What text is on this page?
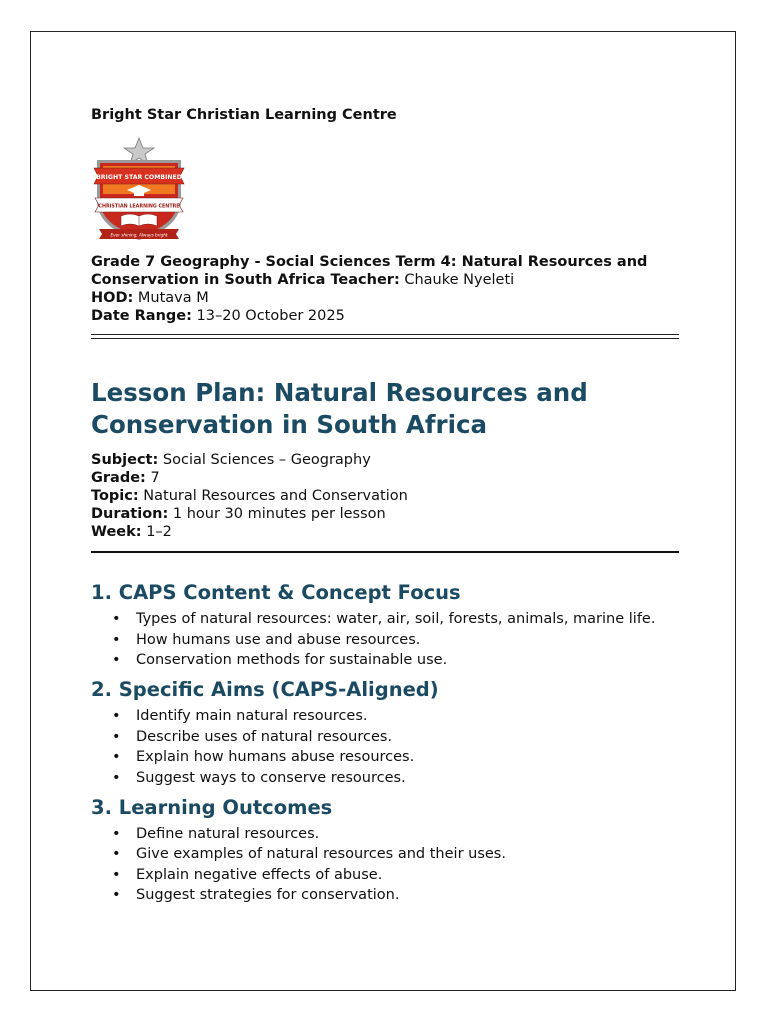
Bright Star Christian Learning Centre

BRIGHT STAR COMBINED
CHRISTIAN LEARNING CENTRE
Ever shining, Always bright
Grade 7 Geography - Social Sciences Term 4: Natural Resources and Conservation in South Africa Teacher: Chauke Nyeleti
HOD: Mutava M
Date Range: 13–20 October 2025
Lesson Plan: Natural Resources and Conservation in South Africa
Subject: Social Sciences – Geography
Grade: 7
Topic: Natural Resources and Conservation
Duration: 1 hour 30 minutes per lesson
Week: 1–2
1. CAPS Content & Concept Focus
• Types of natural resources: water, air, soil, forests, animals, marine life.
• How humans use and abuse resources.
• Conservation methods for sustainable use.
2. Specific Aims (CAPS-Aligned)
• Identify main natural resources.
• Describe uses of natural resources.
• Explain how humans abuse resources.
• Suggest ways to conserve resources.
3. Learning Outcomes
• Define natural resources.
• Give examples of natural resources and their uses.
• Explain negative effects of abuse.
• Suggest strategies for conservation.
